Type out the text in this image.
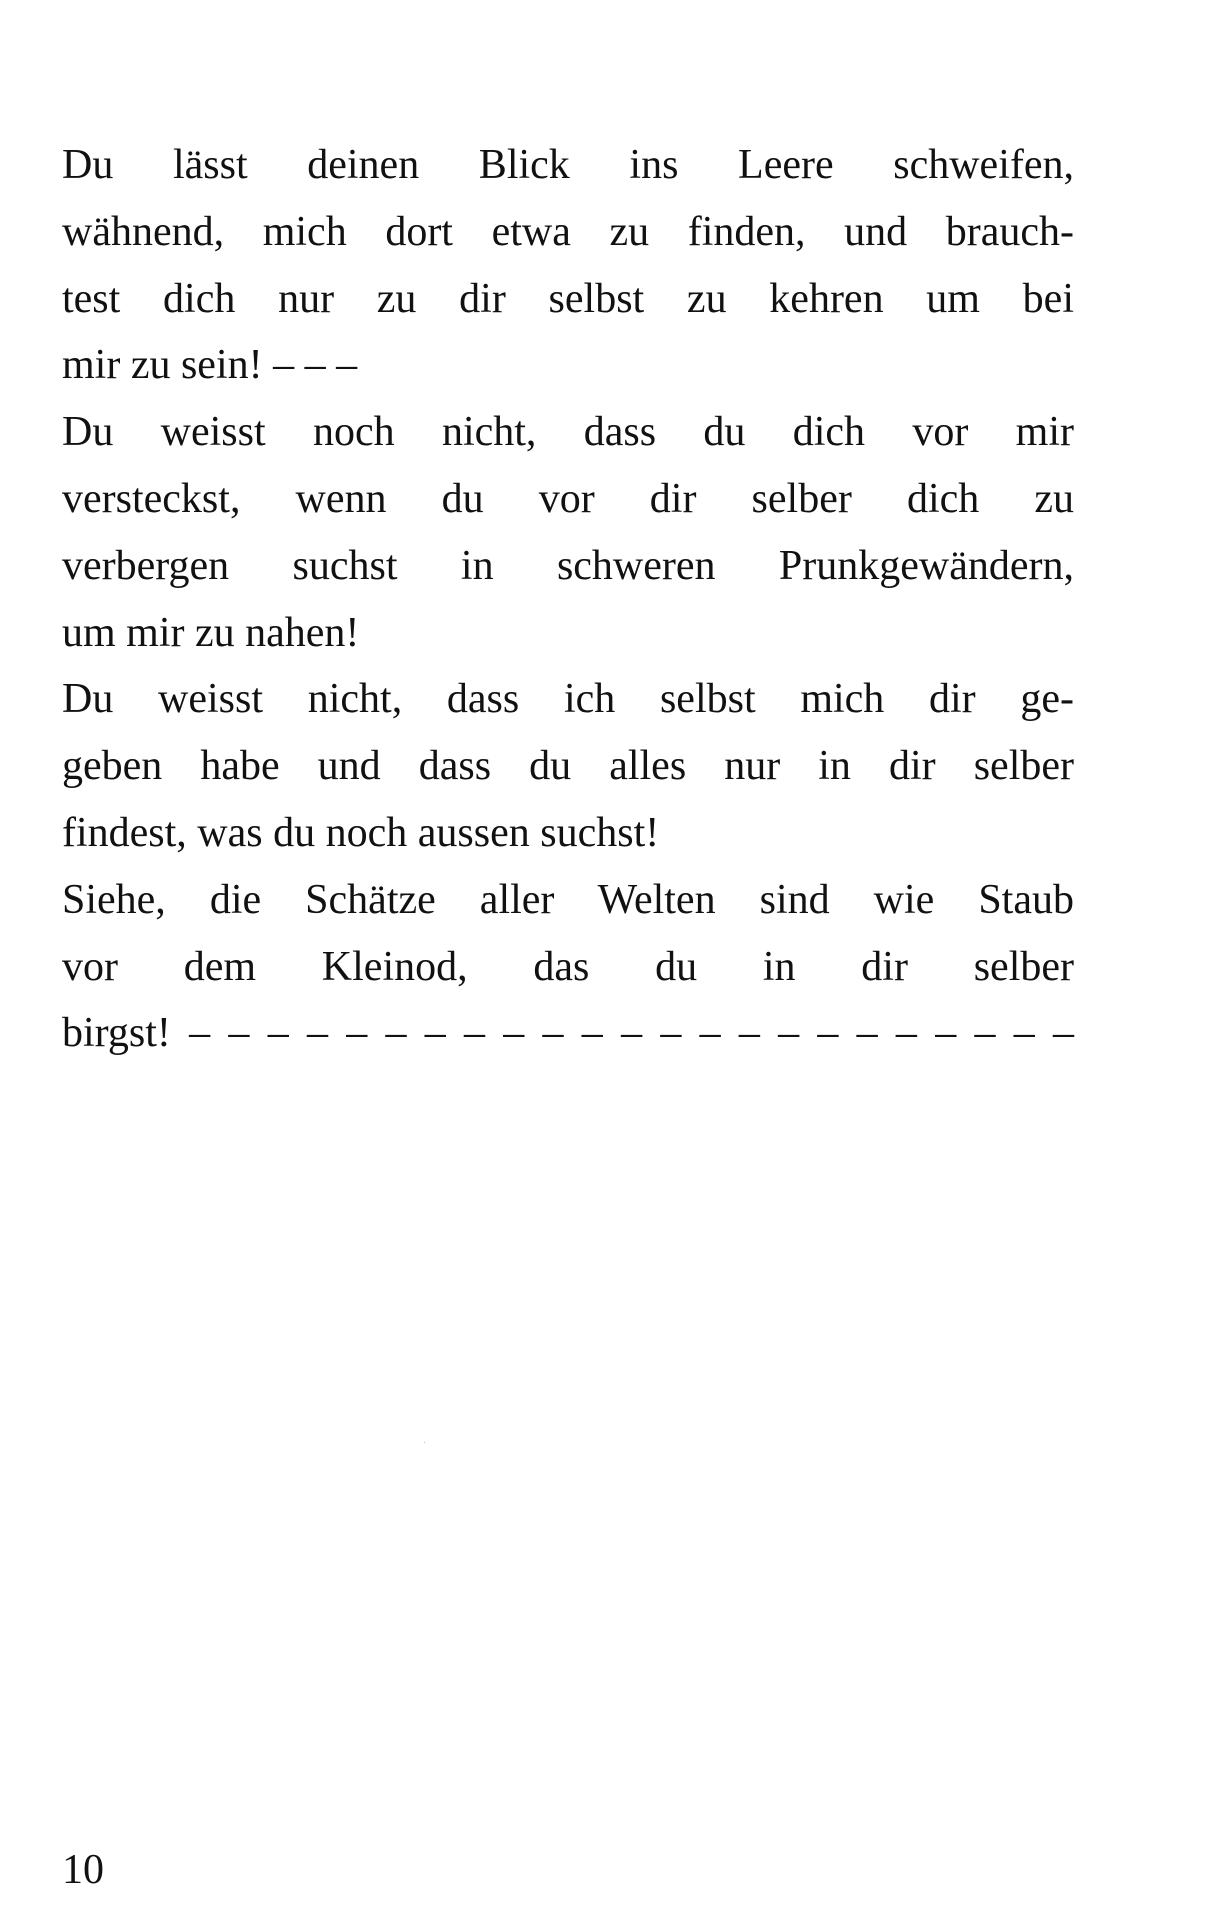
Du lässt deinen Blick ins Leere schweifen,
wähnend, mich dort etwa zu finden, und brauch-
test dich nur zu dir selbst zu kehren um bei
mir zu sein! – – –
Du weisst noch nicht, dass du dich vor mir
versteckst, wenn du vor dir selber dich zu
verbergen suchst in schweren Prunkgewändern,
um mir zu nahen!
Du weisst nicht, dass ich selbst mich dir ge-
geben habe und dass du alles nur in dir selber
findest, was du noch aussen suchst!
Siehe, die Schätze aller Welten sind wie Staub
vor dem Kleinod, das du in dir selber
birgst! – – – – – – – – – – – – – – – – – – – – – – –
10
